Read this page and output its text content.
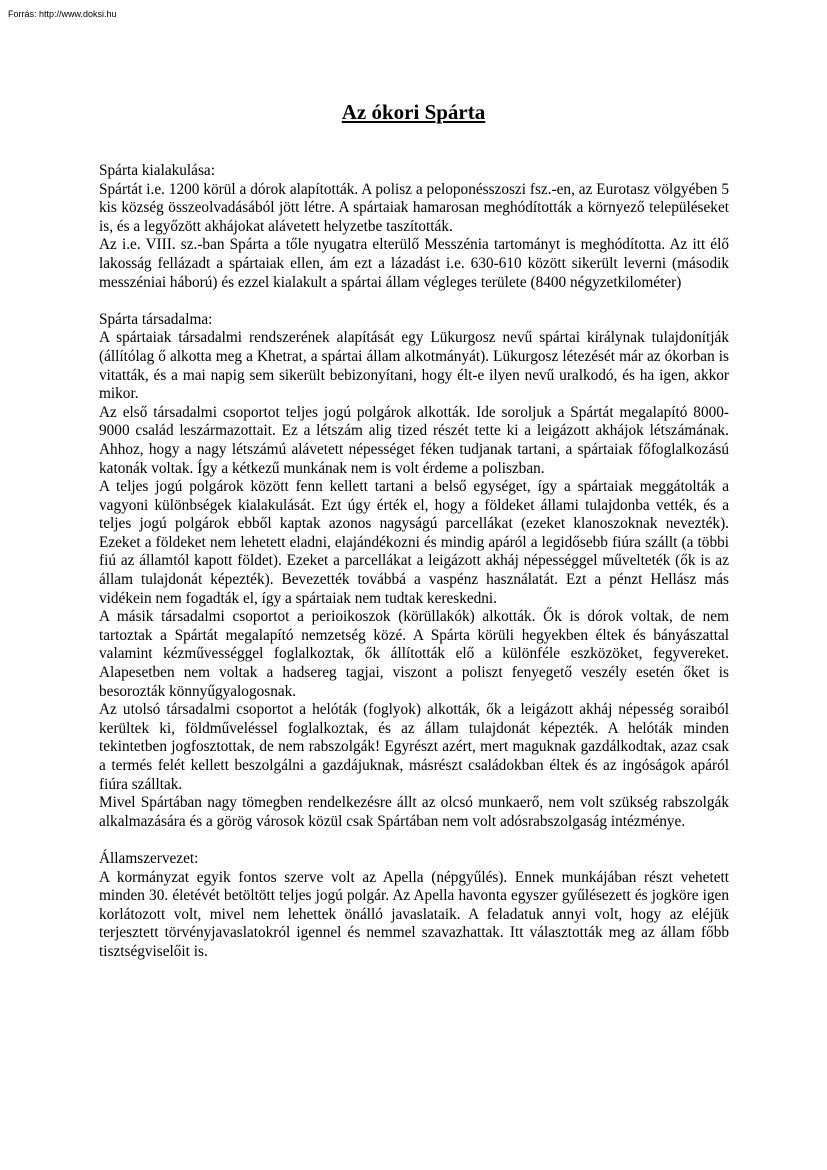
Forrás: http://www.doksi.hu
Az ókori Spárta

Spárta kialakulása:

Spártát i.e. 1200 körül a dórok alapították. A polisz a peloponésszoszi fsz.-en, az Eurotasz völgyében 5 kis község összeolvadásából jött létre. A spártaiak hamarosan meghódították a környező településeket is, és a legyőzött akhájokat alávetett helyzetbe taszították.

Az i.e. VIII. sz.-ban Spárta a tőle nyugatra elterülő Messzénia tartományt is meghódította. Az itt élő lakosság fellázadt a spártaiak ellen, ám ezt a lázadást i.e. 630-610 között sikerült leverni (második messzéniai háború) és ezzel kialakult a spártai állam végleges területe (8400 négyzetkilométer)

Spárta társadalma:

A spártaiak társadalmi rendszerének alapítását egy Lükurgosz nevű spártai királynak tulajdonítják (állítólag ő alkotta meg a Khetrat, a spártai állam alkotmányát). Lükurgosz létezését már az ókorban is vitatták, és a mai napig sem sikerült bebizonyítani, hogy élt-e ilyen nevű uralkodó, és ha igen, akkor mikor.

Az első társadalmi csoportot teljes jogú polgárok alkották. Ide soroljuk a Spártát megalapító 8000-9000 család leszármazottait. Ez a létszám alig tized részét tette ki a leigázott akhájok létszámának. Ahhoz, hogy a nagy létszámú alávetett népességet féken tudjanak tartani, a spártaiak főfoglalkozású katonák voltak. Így a kétkezű munkának nem is volt érdeme a poliszban.

A teljes jogú polgárok között fenn kellett tartani a belső egységet, így a spártaiak meggátolták a vagyoni különbségek kialakulását. Ezt úgy érték el, hogy a földeket állami tulajdonba vették, és a teljes jogú polgárok ebből kaptak azonos nagyságú parcellákat (ezeket klanoszoknak nevezték). Ezeket a földeket nem lehetett eladni, elajándékozni és mindig apáról a legidősebb fiúra szállt (a többi fiú az államtól kapott földet). Ezeket a parcellákat a leigázott akháj népességgel művelteték (ők is az állam tulajdonát képezték). Bevezették továbbá a vaspénz használatát. Ezt a pénzt Hellász más vidékein nem fogadták el, így a spártaiak nem tudtak kereskedni.

A másik társadalmi csoportot a perioikoszok (körüllakók) alkották. Ők is dórok voltak, de nem tartoztak a Spártát megalapító nemzetség közé. A Spárta körüli hegyekben éltek és bányászattal valamint kézművességgel foglalkoztak, ők állították elő a különféle eszközöket, fegyvereket. Alapesetben nem voltak a hadsereg tagjai, viszont a poliszt fenyegető veszély esetén őket is besorozták könnyűgyalogosnak.

Az utolsó társadalmi csoportot a helóták (foglyok) alkották, ők a leigázott akháj népesség soraiból kerültek ki, földműveléssel foglalkoztak, és az állam tulajdonát képezték. A helóták minden tekintetben jogfosztottak, de nem rabszolgák! Egyrészt azért, mert maguknak gazdálkodtak, azaz csak a termés felét kellett beszolgálni a gazdájuknak, másrészt családokban éltek és az ingóságok apáról fiúra szálltak.

Mivel Spártában nagy tömegben rendelkezésre állt az olcsó munkaerő, nem volt szükség rabszolgák alkalmazására és a görög városok közül csak Spártában nem volt adósrabszolgaság intézménye.

Államszervezet:

A kormányzat egyik fontos szerve volt az Apella (népgyűlés). Ennek munkájában részt vehetett minden 30. életévét betöltött teljes jogú polgár. Az Apella havonta egyszer gyűlésezett és jogköre igen korlátozott volt, mivel nem lehettek önálló javaslataik. A feladatuk annyi volt, hogy az eléjük terjesztett törvényjavaslatokról igennel és nemmel szavazhattak. Itt választották meg az állam főbb tisztségviselőit is.
